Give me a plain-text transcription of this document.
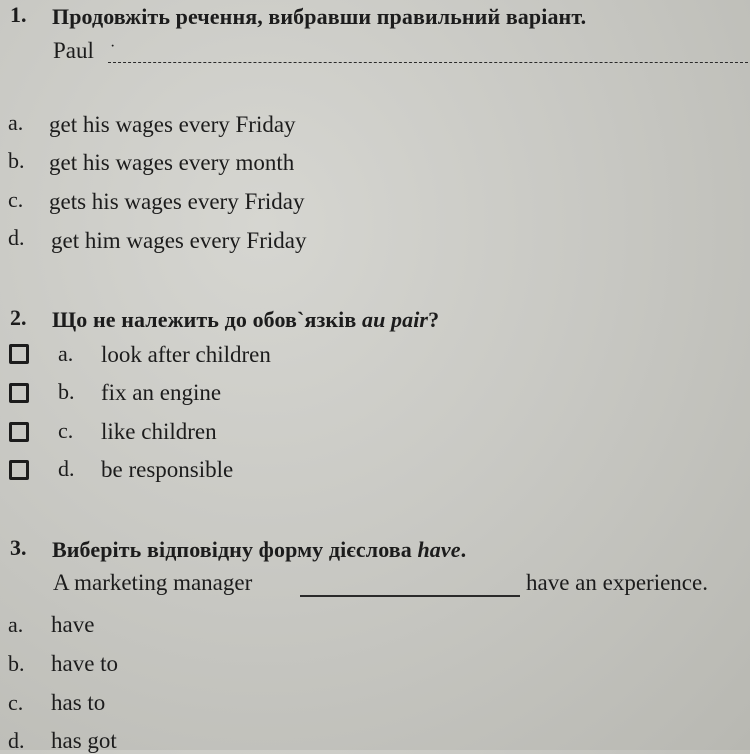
1. Продовжіть речення, вибравши правильний варіант.
Paul ·
a. get his wages every Friday
b. get his wages every month
c. gets his wages every Friday
d. get him wages every Friday
2. Що не належить до обов`язків au pair?
a. look after children
b. fix an engine
c. like children
d. be responsible
3. Виберіть відповідну форму дієслова have.
A marketing manager	have an experience.
a. have
b. have to
c. has to
d. has got
